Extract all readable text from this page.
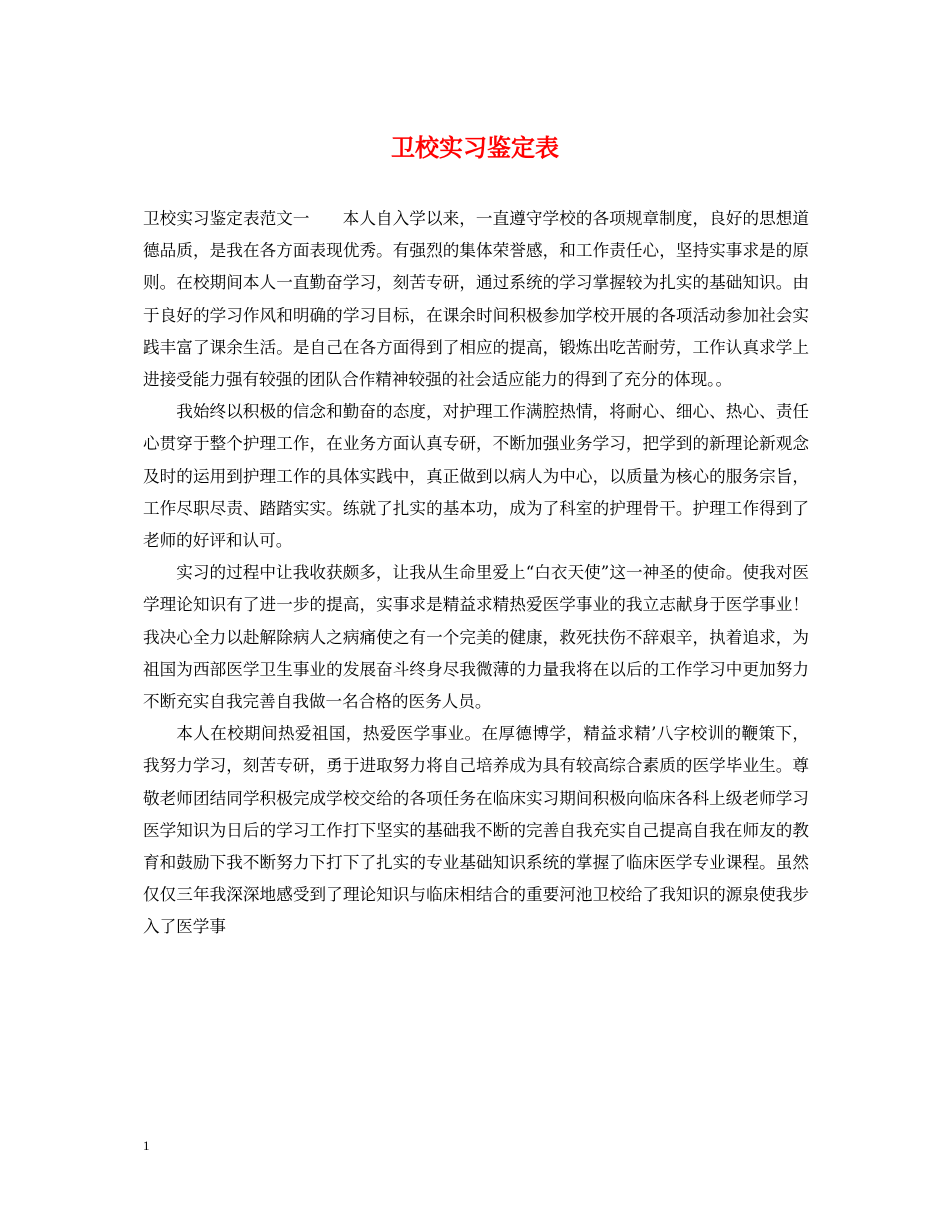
卫校实习鉴定表

卫校实习鉴定表范文一 本人自入学以来，一直遵守学校的各项规章制度，良好的思想道德品质，是我在各方面表现优秀。有强烈的集体荣誉感，和工作责任心，坚持实事求是的原则。在校期间本人一直勤奋学习，刻苦专研，通过系统的学习掌握较为扎实的基础知识。由于良好的学习作风和明确的学习目标，在课余时间积极参加学校开展的各项活动参加社会实践丰富了课余生活。是自己在各方面得到了相应的提高，锻炼出吃苦耐劳，工作认真求学上进接受能力强有较强的团队合作精神较强的社会适应能力的得到了充分的体现。。

我始终以积极的信念和勤奋的态度，对护理工作满腔热情，将耐心、细心、热心、责任心贯穿于整个护理工作，在业务方面认真专研，不断加强业务学习，把学到的新理论新观念及时的运用到护理工作的具体实践中，真正做到以病人为中心，以质量为核心的服务宗旨，工作尽职尽责、踏踏实实。练就了扎实的基本功，成为了科室的护理骨干。护理工作得到了老师的好评和认可。

实习的过程中让我收获颇多，让我从生命里爱上“白衣天使”这一神圣的使命。使我对医学理论知识有了进一步的提高，实事求是精益求精热爱医学事业的我立志献身于医学事业！我决心全力以赴解除病人之病痛使之有一个完美的健康，救死扶伤不辞艰辛，执着追求，为祖国为西部医学卫生事业的发展奋斗终身尽我微薄的力量我将在以后的工作学习中更加努力不断充实自我完善自我做一名合格的医务人员。

本人在校期间热爱祖国，热爱医学事业。在厚德博学，精益求精’八字校训的鞭策下，我努力学习，刻苦专研，勇于进取努力将自己培养成为具有较高综合素质的医学毕业生。尊敬老师团结同学积极完成学校交给的各项任务在临床实习期间积极向临床各科上级老师学习医学知识为日后的学习工作打下坚实的基础我不断的完善自我充实自己提高自我在师友的教育和鼓励下我不断努力下打下了扎实的专业基础知识系统的掌握了临床医学专业课程。虽然仅仅三年我深深地感受到了理论知识与临床相结合的重要河池卫校给了我知识的源泉使我步入了医学事

1
